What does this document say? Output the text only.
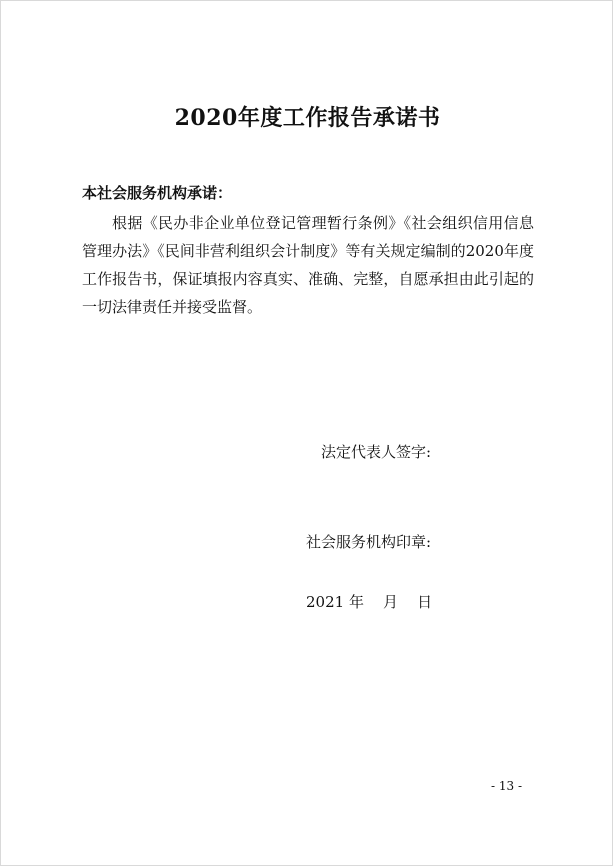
2020年度工作报告承诺书
本社会服务机构承诺：

根据《民办非企业单位登记管理暂行条例》《社会组织信用信息管理办法》《民间非营利组织会计制度》等有关规定编制的2020年度工作报告书，保证填报内容真实、准确、完整，自愿承担由此引起的一切法律责任并接受监督。

法定代表人签字:
社会服务机构印章:
2021 年    月    日
- 13 -
